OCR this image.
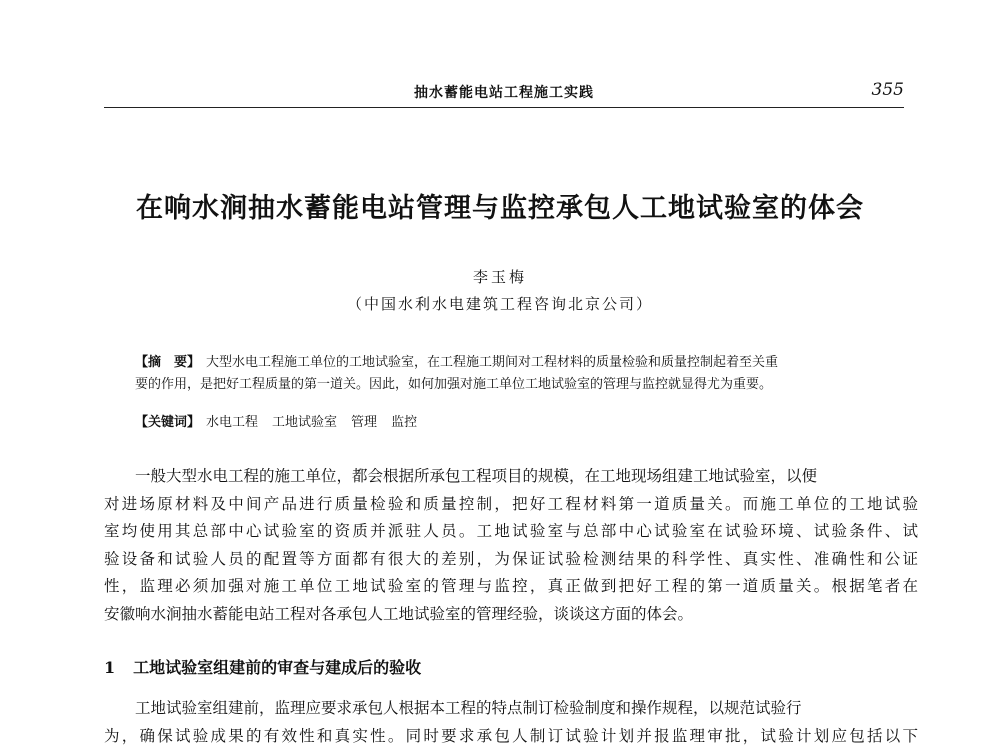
抽水蓄能电站工程施工实践	355
在响水涧抽水蓄能电站管理与监控承包人工地试验室的体会
李玉梅
（中国水利水电建筑工程咨询北京公司）
【摘　要】 大型水电工程施工单位的工地试验室，在工程施工期间对工程材料的质量检验和质量控制起着至关重
要的作用，是把好工程质量的第一道关。因此，如何加强对施工单位工地试验室的管理与监控就显得尤为重要。
【关键词】 水电工程 工地试验室 管理 监控
一般大型水电工程的施工单位，都会根据所承包工程项目的规模，在工地现场组建工地试验室，以便
对进场原材料及中间产品进行质量检验和质量控制，把好工程材料第一道质量关。而施工单位的工地试验
室均使用其总部中心试验室的资质并派驻人员。工地试验室与总部中心试验室在试验环境、试验条件、试
验设备和试验人员的配置等方面都有很大的差别，为保证试验检测结果的科学性、真实性、准确性和公证
性，监理必须加强对施工单位工地试验室的管理与监控，真正做到把好工程的第一道质量关。根据笔者在
安徽响水涧抽水蓄能电站工程对各承包人工地试验室的管理经验，谈谈这方面的体会。
1 工地试验室组建前的审查与建成后的验收
工地试验室组建前，监理应要求承包人根据本工程的特点制订检验制度和操作规程，以规范试验行
为，确保试验成果的有效性和真实性。同时要求承包人制订试验计划并报监理审批，试验计划应包括以下
